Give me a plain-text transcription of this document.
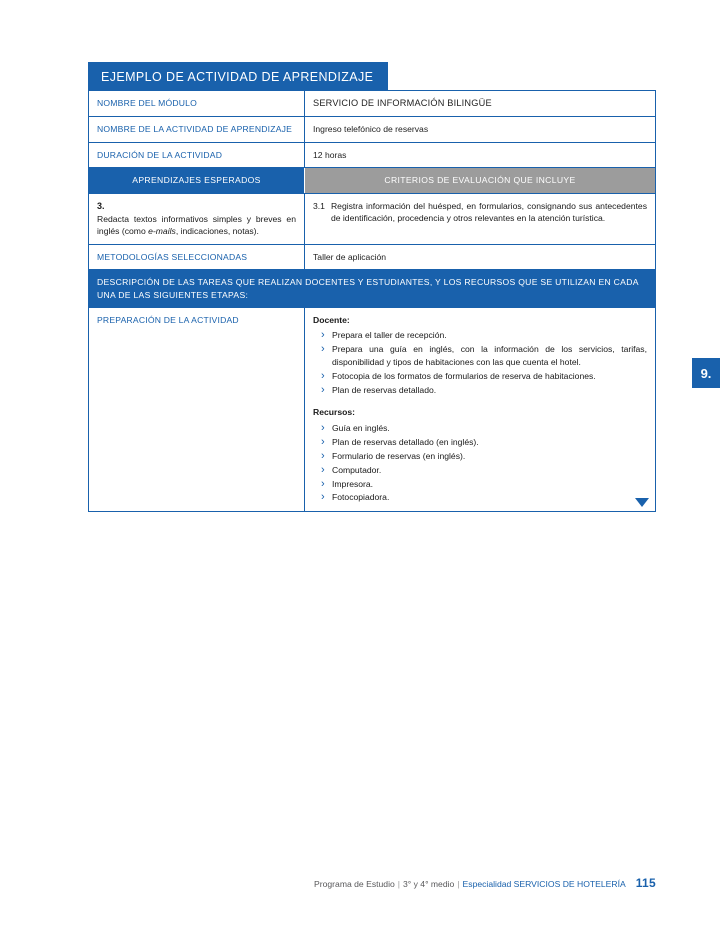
EJEMPLO DE ACTIVIDAD DE APRENDIZAJE
NOMBRE DEL MÓDULO	SERVICIO DE INFORMACIÓN BILINGÜE
NOMBRE DE LA ACTIVIDAD DE APRENDIZAJE	Ingreso telefónico de reservas
DURACIÓN DE LA ACTIVIDAD	12 horas
APRENDIZAJES ESPERADOS	CRITERIOS DE EVALUACIÓN QUE INCLUYE
3.
Redacta textos informativos simples y breves en inglés (como e-mails, indicaciones, notas).	3.1 Registra información del huésped, en formularios, consignando sus antecedentes de identificación, procedencia y otros relevantes en la atención turística.

METODOLOGÍAS SELECCIONADAS	Taller de aplicación
DESCRIPCIÓN DE LAS TAREAS QUE REALIZAN DOCENTES Y ESTUDIANTES, Y LOS RECURSOS QUE SE UTILIZAN EN CADA UNA DE LAS SIGUIENTES ETAPAS:	
PREPARACIÓN DE LA ACTIVIDAD	Docente:
› Prepara el taller de recepción.
› Prepara una guía en inglés, con la información de los servicios, tarifas, disponibilidad y tipos de habitaciones con las que cuenta el hotel.
› Fotocopia de los formatos de formularios de reserva de habitaciones.
› Plan de reservas detallado.
Recursos:
› Guía en inglés.
› Plan de reservas detallado (en inglés).
› Formulario de reservas (en inglés).
› Computador.
› Impresora.
› Fotocopiadora.
9.
Programa de Estudio | 3° y 4° medio | Especialidad SERVICIOS DE HOTELERÍA 115
